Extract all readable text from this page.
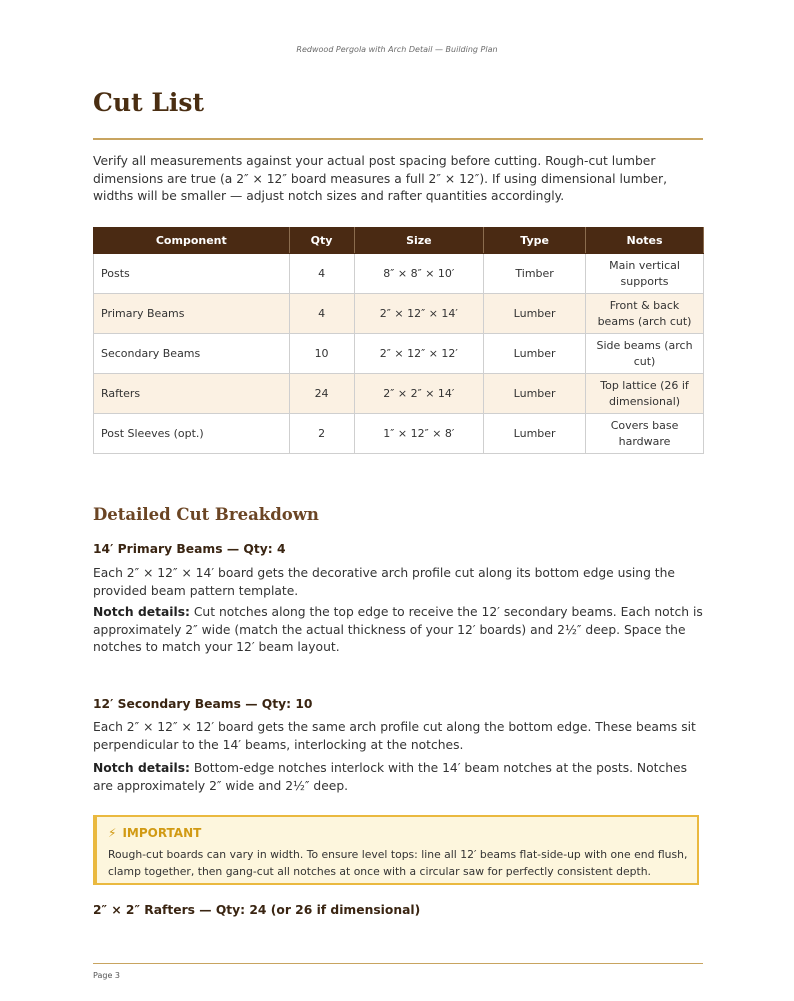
Redwood Pergola with Arch Detail — Building Plan
Cut List

Verify all measurements against your actual post spacing before cutting. Rough-cut lumber dimensions are true (a 2″ × 12″ board measures a full 2″ × 12″). If using dimensional lumber, widths will be smaller — adjust notch sizes and rafter quantities accordingly.

Component	Qty	Size	Type	Notes
Posts	4	8″ × 8″ × 10′	Timber	Main vertical supports
Primary Beams	4	2″ × 12″ × 14′	Lumber	Front & back beams (arch cut)
Secondary Beams	10	2″ × 12″ × 12′	Lumber	Side beams (arch cut)
Rafters	24	2″ × 2″ × 14′	Lumber	Top lattice (26 if dimensional)
Post Sleeves (opt.)	2	1″ × 12″ × 8′	Lumber	Covers base hardware
Detailed Cut Breakdown
14′ Primary Beams — Qty: 4

Each 2″ × 12″ × 14′ board gets the decorative arch profile cut along its bottom edge using the provided beam pattern template.

Notch details: Cut notches along the top edge to receive the 12′ secondary beams. Each notch is approximately 2″ wide (match the actual thickness of your 12′ boards) and 2½″ deep. Space the notches to match your 12′ beam layout.

12′ Secondary Beams — Qty: 10

Each 2″ × 12″ × 12′ board gets the same arch profile cut along the bottom edge. These beams sit perpendicular to the 14′ beams, interlocking at the notches.

Notch details: Bottom-edge notches interlock with the 14′ beam notches at the posts. Notches are approximately 2″ wide and 2½″ deep.

⚡ IMPORTANT

Rough-cut boards can vary in width. To ensure level tops: line all 12′ beams flat-side-up with one end flush, clamp together, then gang-cut all notches at once with a circular saw for perfectly consistent depth.

2″ × 2″ Rafters — Qty: 24 (or 26 if dimensional)
Page 3
